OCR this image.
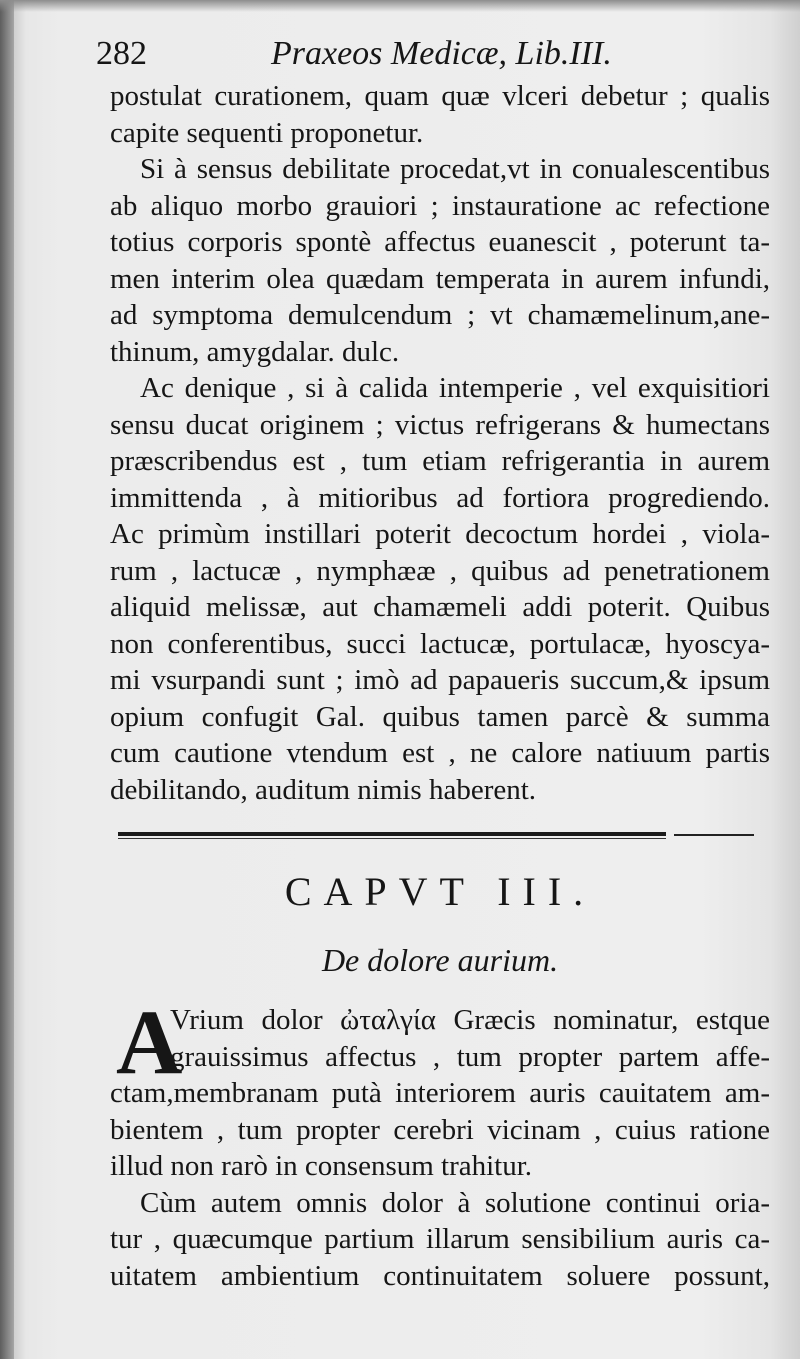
282	Praxeos Medicæ, Lib.III.
postulat curationem, quam quæ vlceri debetur ; qualis
capite sequenti proponetur.
Si à sensus debilitate procedat,vt in conualescentibus
ab aliquo morbo grauiori ; instauratione ac refectione
totius corporis spontè affectus euanescit , poterunt ta-
men interim olea quædam temperata in aurem infundi,
ad symptoma demulcendum ; vt chamæmelinum,ane-
thinum, amygdalar. dulc.
Ac denique , si à calida intemperie , vel exquisitiori
sensu ducat originem ; victus refrigerans & humectans
præscribendus est , tum etiam refrigerantia in aurem
immittenda , à mitioribus ad fortiora progrediendo.
Ac primùm instillari poterit decoctum hordei , viola-
rum , lactucæ , nymphææ , quibus ad penetrationem
aliquid melissæ, aut chamæmeli addi poterit. Quibus
non conferentibus, succi lactucæ, portulacæ, hyoscya-
mi vsurpandi sunt ; imò ad papaueris succum,& ipsum
opium confugit Gal. quibus tamen parcè & summa
cum cautione vtendum est , ne calore natiuum partis
debilitando, auditum nimis haberent.
CAPVT III.
De dolore aurium.
A
Vrium dolor ὠταλγία Græcis nominatur, estque
grauissimus affectus , tum propter partem affe-
ctam,membranam putà interiorem auris cauitatem am-
bientem , tum propter cerebri vicinam , cuius ratione
illud non rarò in consensum trahitur.
Cùm autem omnis dolor à solutione continui oria-
tur , quæcumque partium illarum sensibilium auris ca-
uitatem ambientium continuitatem soluere possunt,
